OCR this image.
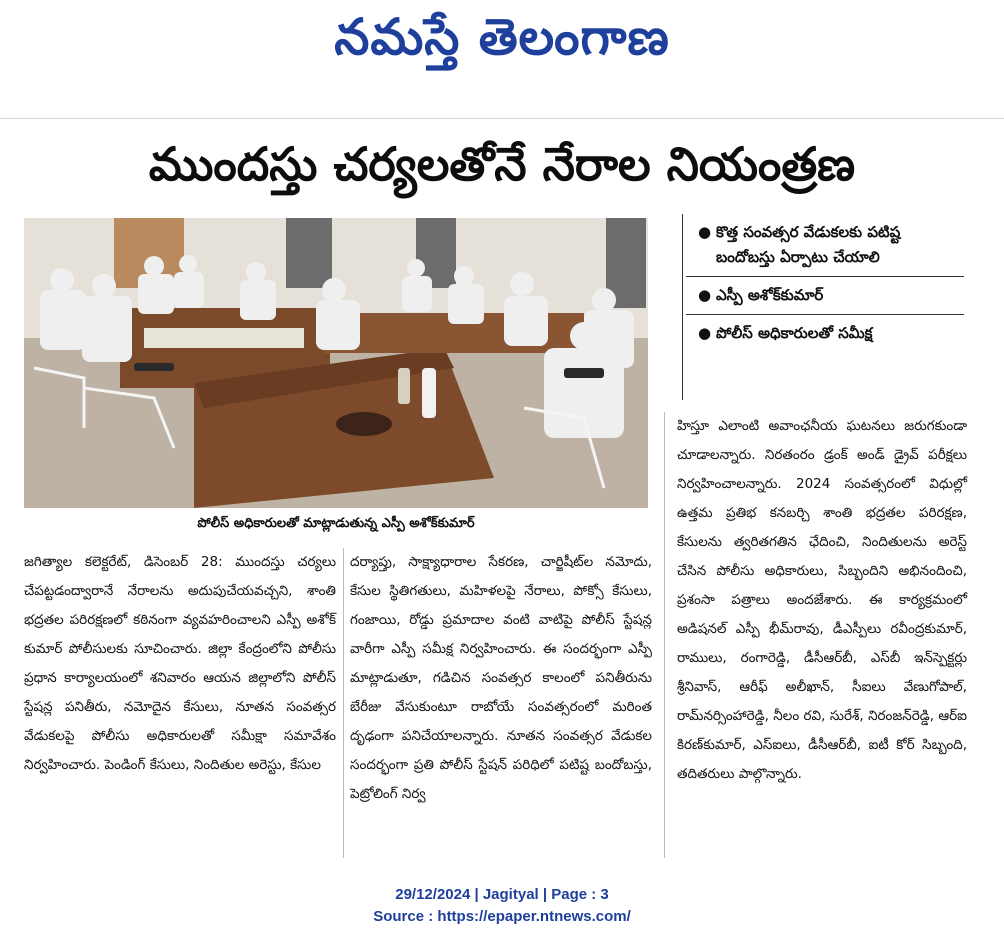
నమస్తే తెలంగాణ
ముందస్తు చర్యలతోనే నేరాల నియంత్రణ
పోలీస్ అధికారులతో మాట్లాడుతున్న ఎస్పీ అశోక్‌కుమార్
● కొత్త సంవత్సర వేడుకలకు పటిష్ట బందోబస్తు ఏర్పాటు చేయాలి
● ఎస్పీ అశోక్‌కుమార్
● పోలీస్ అధికారులతో సమీక్ష
జగిత్యాల కలెక్టరేట్, డిసెంబర్ 28: ముందస్తు చర్యలు చేపట్టడంద్వారానే నేరాలను అదుపుచేయవచ్చని, శాంతి భద్రతల పరిరక్షణలో కఠినంగా వ్యవహరించాలని ఎస్పీ అశోక్ కుమార్ పోలీసులకు సూచించారు. జిల్లా కేంద్రంలోని పోలీసు ప్రధాన కార్యాలయంలో శనివారం ఆయన జిల్లాలోని పోలీస్ స్టేషన్ల పనితీరు, నమోదైన కేసులు, నూతన సంవత్సర వేడుకలపై పోలీసు అధికారులతో సమీక్షా సమావేశం నిర్వహించారు. పెండింగ్ కేసులు, నిందితుల అరెస్టు, కేసుల
దర్యాప్తు, సాక్ష్యాధారాల సేకరణ, చార్జిషీట్‌ల నమోదు, కేసుల స్థితిగతులు, మహిళలపై నేరాలు, పోక్సో కేసులు, గంజాయి, రోడ్డు ప్రమాదాల వంటి వాటిపై పోలీస్ స్టేషన్ల వారీగా ఎస్పీ సమీక్ష నిర్వహించారు. ఈ సందర్భంగా ఎస్పీ మాట్లాడుతూ, గడిచిన సంవత్సర కాలంలో పనితీరును బేరీజు వేసుకుంటూ రాబోయే సంవత్సరంలో మరింత దృఢంగా పనిచేయాలన్నారు. నూతన సంవత్సర వేడుకల సందర్భంగా ప్రతి పోలీస్ స్టేషన్ పరిధిలో పటిష్ట బందోబస్తు, పెట్రోలింగ్ నిర్వ
హిస్తూ ఎలాంటి అవాంఛనీయ ఘటనలు జరుగకుండా చూడాలన్నారు. నిరతంరం డ్రంక్ అండ్ డ్రైవ్ పరీక్షలు నిర్వహించాలన్నారు. 2024 సంవత్సరంలో విధుల్లో ఉత్తమ ప్రతిభ కనబర్చి శాంతి భద్రతల పరిరక్షణ, కేసులను త్వరితగతిన ఛేదించి, నిందితులను అరెస్ట్ చేసిన పోలీసు అధికారులు, సిబ్బందిని అభినందించి, ప్రశంసా పత్రాలు అందజేశారు. ఈ కార్యక్రమంలో అడిషనల్ ఎస్పీ భీమ్‌రావు, డీఎస్పీలు రవీంద్రకుమార్, రాములు, రంగారెడ్డి, డీసీఆర్‌బీ, ఎస్‌బీ ఇన్‌స్పెక్టర్లు శ్రీనివాస్, ఆరీఫ్ అలీఖాన్, సీఐలు వేణుగోపాల్, రామ్‌నర్సింహారెడ్డి, నీలం రవి, సురేశ్, నిరంజన్‌రెడ్డి, ఆర్ఐ కిరణ్‌కుమార్, ఎస్ఐలు, డీసీఆర్‌బీ, ఐటీ కోర్ సిబ్బంది, తదితరులు పాల్గొన్నారు.
29/12/2024 | Jagityal | Page : 3
Source : https://epaper.ntnews.com/
